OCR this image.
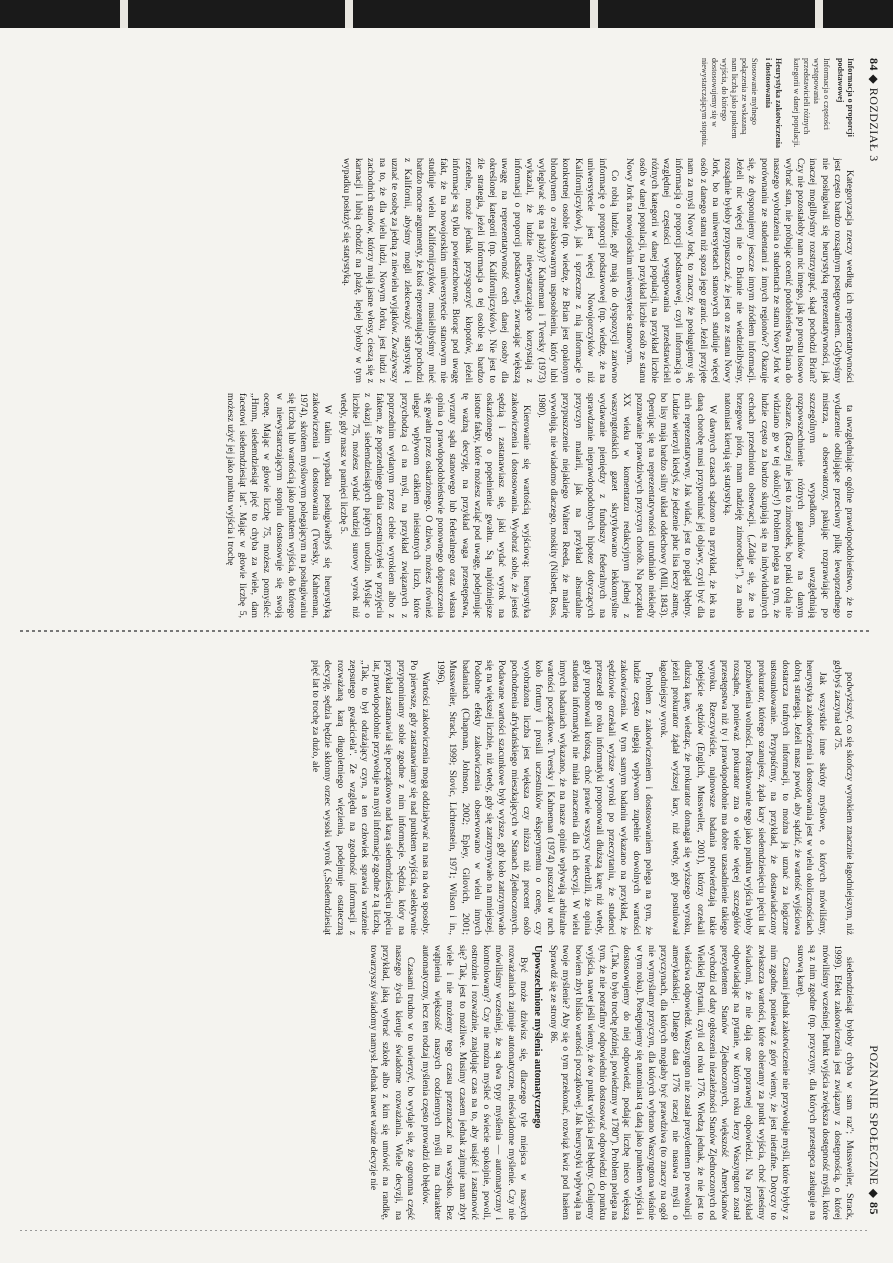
84 ◆ ROZDZIAŁ 3
Informacja o proporcji podstawowej

Informacja o częstości występowania przedstawicieli różnych kategorii w danej populacji.

Heurystyka zakotwiczenia i dostosowania

Stosowanie mylnego połączenia ze wskazaną nam liczbą jako punktem wyjścia, do którego dostosowujemy się w niewystarczającym stopniu.

Kategoryzacja rzeczy według ich reprezentatywności jest często bardzo rozsądnym postępowaniem. Gdybyśmy nie posługiwali się heurystyką reprezentatywności, jak inaczej moglibyśmy rozstrzygnąć, skąd pochodzi Brian? Czy nie pozostałoby nam nic innego, jak po prostu losowo wybrać stan, nie próbując ocenić podobieństwa Briana do naszego wyobrażenia o studentach ze stanu Nowy Jork w porównaniu ze studentami z innych regionów? Okazuje się, że dysponujemy jeszcze innym źródłem informacji. Jeżeli nic więcej nie o Brianie nie wiedzielibyśmy, rozsądnie byłoby przypuszczać, że jest on ze stanu Nowy Jork, bo na uniwersytetach stanowych studiuje więcej osób z danego stanu niż spoza jego granic. Jeżeli przyjęte nam za myśl Nowy Jork, to znaczy, że posługujemy się informacją o proporcji podstawowej, czyli informacją o względnej częstości występowania przedstawicieli różnych kategorii w danej populacji, na przykład liczbie osób w danej populacji, na przykład liczbie osób ze stanu Nowy Jork na nowojorskim uniwersytecie stanowym.

Co robią ludzie, gdy mają do dyspozycji zarówno informację o proporcji podstawowej (np. wiedzę, że na uniwersytecie jest więcej Nowojorczyków niż Kalifornijczyków), jak i sprzeczne z nią informacje o konkretnej osobie (np. wiedzę, że Brian jest opalonym blondynem o zrelaksowanym usposobieniu, który lubi wylegiwać się na plaży)? Kahneman i Tversky (1973) wykazali, że ludzie niewystarczająco korzystają z informacji o proporcji podstawowej, zwracając większą uwagę na reprezentatywność cech danej osoby dla określonej kategorii (np. Kalifornijczyków). Nie jest to źle strategia, jeżeli informacja o tej osobie są bardzo rzetelne, może jednak przysporzyć kłopotów, jeżeli informacje są tylko powierzchowne. Biorąc pod uwagę fakt, że na nowojorskim uniwersytecie stanowym nie studiuje wielu Kalifornijczyków, musielibyśmy mieć bardzo mocne argumenty, że ktoś reprezentujący pochodzi z Kalifornii, abyśmy mogli zlekceważyć statystykę i uznać te osobę za jedną z niewielu wyjątków. Zważywszy na to, że dla wielu ludzi, Nowym Jorku, jest ludzi z zachodnich stanów, którzy mają jasne włosy, cieszą się z karnacji i lubią chodzić na plażę, lepiej byłoby w tym wypadku posłużyć się statystyką.

ta uwzględniając ogólne prawdopodobieństwo, że to wydarzenie odbijające przeciwny pilkę lewoprzednego mistrza, a obserwatorzy, pakując rozprawiając po szczególnym wypadkom, uwzględniają rozpowszechnienie różnych gatunków na danym obszarze. (Raczej nie jest to zimorodek, bo ptaki dolą nie widziano go w tej okolicy!) Problem polega na tym, że ludzie często za bardzo skupiają się na indywidualnych cechach przedmiotu obserwacji. (,,Zdaje się, że na brzegowe pióra, mam nadzieję zimorodka!''), za mało natomiast kierują się statystyką.

W dawnych czasach sądzono na przykład, że lek na daną chorobę musi przypominać jej objawy, czyli być dla nich reprezentatywny. Jak widać, jest to pogląd błędny. Ludzie wierzyli kiedyś, że jedzenie płuc lisa leczy astmę, bo lisy mają bardzo silny układ oddechowy (Mill, 1843). Operując się na reprezentatywności utrudniało niekiedy poznawanie prawdziwych przyczyn chorób. Na początku XX wieku w komentarzu redakcyjnym jednej z waszyngtońskich gazet skrytykowano lekkomyślne wydawanie pieniędzy z funduszy federalnych na sprawdzanie nieprawdopodobnych hipotez dotyczących przyczyn malarii, jak na przykład absurdalne przypuszczenie niejakiego Waltera Reeda, że malarię wywołują, nie wiadomo dlaczego, moskity (Nisbett, Ross, 1980).

Kierowanie się wartością wyjściową: heurystyka zakotwiczenia i dostosowania. Wyobraź sobie, że jesteś sędzią i zastanawiasz się, jaki wydać wyrok na oskarżonego o popełnienie gwałtu. Są najróżniejsze istotne fakty, które możesz wziąć pod uwagę, podejmując tę ważną decyzję, na przykład waga przestępstwa, wyrzuty sądu stanowego lub federalnego oraz własna opinia o prawdopodobieństwie ponownego dopuszczenia się gwałtu przez oskarżonego. O dziwo, możesz również ulegać wpływom całkiem nieistotnych liczb, które przychodzą ci na myśl, na przykład związanych z poprzednim wydanym przez ciebie wyrokiem albo z faktem, że poprzedniego dnia uczestniczyłeś w przyjęciu z okazji siedemdziesiątych piątych urodzin. Myśląc o liczbie 75, możesz wydać bardziej surowy wyrok niż wtedy, gdy masz w pamięci liczbę 5.

W takim wypadku posługiwałbyś się heurystyką zakotwiczenia i dostosowania (Tversky, Kahneman, 1974), skrótem myślowym polegającym na posługiwaniu się liczbą lub wartością jako punktem wyjścia, do którego w niewystarczającym stopniu dostosowuje się swoją ocenę. Mając w głowie liczbę 75, możesz pomyśleć: ,,Hmm, siedemdziesiąt pięć to chyba za wiele, dam facetowi siedemdziesiąt lat''. Mając w głowie liczbę 5, możesz użyć jej jako punktu wyjścia i trochę

POZNANIE SPOŁECZNE ◆ 85

podwyższyć, co się skończy wyrokiem znacznie łagodniejszym, niż gdybyś zaczynał od 75.

Jak wszystkie inne skróty myślowe, o których mówiliśmy, heurystyka zakotwiczenia i dostosowania jest w wielu okolicznościach dobrą strategią. Jeżeli masz powód, aby sądzić, że wartość wyjściowa dostarcza trafnych informacji, to można ją uznać za logiczne ustosunkowanie. Przypuśćmy, na przykład, że dostawiadczony prokurator, którego szanujesz, żąda kary siedemdziesięciu pięciu lat pozbawienia wolności. Potraktowanie tego jako punktu wyjścia byłoby rozsądne, ponieważ prokurator zna o wiele więcej szczegółów przestępstwa niż ty i prawdopodobnie ma dobre uzasadnienie takiego wyroku. Rzeczywiście, najnowsze badania potwierdzają takie podejście sędziów (Englich, Mussweiler, 2001), którzy orzekali dłuższą karę, wiedząc, że prokurator domagał się wyższego wyroku, jeżeli prokurator żądał wyższej kary, niż wtedy, gdy postulował łagodniejszy wyrok.

Problem z zakotwiczeniem i dostosowaniem polega na tym, że ludzie często ulegają wpływom zupełnie dowolnych wartości zakotwiczenia. W tym samym badaniu wykazano na przykład, że sędziowie orzekali wyższe wyroki po przeczytaniu, że studenci przeszedł go roku informatyki proponowali dłuższą karę niż wtedy, gdy proponowali krótszą, choć prawie wszyscy twierdzili, że opinia studenta informatyki nie miała znaczenia dla ich decyzji. W wielu innych badaniach wykazano, że na nasze opinie wpływają arbitralne wartości początkowe. Tversky i Kahneman (1974) puszczali w ruch koło fortuny i prosili uczestników eksperymentu o ocenę, czy wyobrażona liczba jest większa czy niższa niż procent osób pochodzenia afrykańskiego mieszkających w Stanach Zjednoczonych. Podawane wartości szacunkowe były wyższe, gdy koło zatrzymywało się na większej liczbie, niż wtedy, gdy się zatrzymywało na mniejszej. Podobne efekty zakotwiczenia obserwowano w wielu innych badaniach (Chapman, Johnson, 2002; Epley, Gilovich, 2001; Mussweiler, Strack, 1999; Slovic, Lichtenstein, 1971; Wilson i in., 1996).

Wartości zakotwiczenia mogą oddziaływać na nas na dwa sposoby. Po pierwsze, gdy zastanawiamy się nad punktem wyjścia, selektywnie przypominamy sobie zgodne z nim informacje. Sędzia, który na przykład zastanawiał się początkowo nad karą siedemdziesięciu pięciu lat, prawdopodobnie przywołuje na myśl informacje zgodne z tą liczbą, ,,Tak, to był odrażający czyn, a ten człowiek sprawia wrażenie zepsutego gwałciciela''. Ze względu na zgodność informacji z rozważaną karą długoletniego więzienia, podejmuje ostateczną decyzję, sędzia będzie skłonny orzec wysoki wyrok (,,Siedemdziesiąt pięć lat to trochę za dużo, ale

siedemdziesiąt byłoby chyba w sam raz''; Mussweiler, Strack, 1999). Efekt zakotwiczenia jest związany z dostępnością, o której mówiliśmy wcześniej. Punkt wyjścia zwiększa dostępność myśli, które są z nim zgodne (np. przyczyny, dla których przestępca zasługuje na surową karę).

Czasami jednak zakotwiczenie nie przywołuje myśli, które byłyby z nim zgodne, ponieważ z góry wiemy, że jest nietrafne. Dotyczy to zwłaszcza wartości, które obieramy za punkt wyjścia, choć jesteśmy świadomi, że nie dają one poprawnej odpowiedzi. Na przykład odpowiadając na pytanie, w którym roku Jerzy Waszyngton został prezydentem Stanów Zjednoczonych, większość Amerykanów wychodzi od daty ogłoszenia niezależności Stanów Zjednoczonych od Wielkiej Brytanii, czyli od roku 1776. Wiedzą jednak, że nie jest to właściwa odpowiedź. Waszyngton nie został prezydentem po rewolucji amerykańskiej. Dlatego data 1776 raczej nie nasuwa myśli o przyczynach, dla których mogłaby być prawdziwa (to znaczy na ogół nie wymyślamy przyczyn, dla których wybrano Waszyngtona właśnie w tym roku). Postępujemy się natomiast tą datą jako punktem wyjścia i dostosowujemy do niej odpowiedź, podając liczbę nieco większą (,,Tak, to było trochę później, powiedzmy w 1780''). Problem polega na tym, że nie potrafimy odpowiednio dostosować odpowiedzi do punktu wyjścia, nawet jeśli wiemy, że ów punkt wyjścia jest błędny. Celujemy bowiem zbyt blisko wartości początkowej. Jak heurystyki wpływają na twoje myślenie? Aby się o tym przekonać, rozwiąż kwiz pod hasłem Sprawdź się ze strony 86.

Upowszechnione myślenia automatycznego

Być może dziwisz się, dlaczego tyle miejsca w naszych rozważaniach zajmuje automatyczne, nieświadome myślenie. Czy nie mówiliśmy wcześniej, że są dwa typy myślenia — automatyczny i kontrolowany? Czy nie można myśleć o świecie spokojnie, powoli, ostrożnie i rozważnie, znajdując czas na to, aby usiąść i zastanowić się? Tak, jest to możliwe. Musimy czasem jednak zajmuje nam zbyt wiele i nie możemy tego czasu przeznaczać na wszystko. Bez wątpienia większość naszych codziennych myśli ma charakter automatyczny, lecz ten rodzaj myślenia często prowadzi do błędów.

Czasami trudno w to uwierzyć, bo wydaje się, że ogromna część naszego życia kieruje świadome rozważania. Wiele decyzji, na przykład, jaką wybrać szkołę albo z kim się umówić na randkę, towarzyszy świadomy namysł. Jednak nawet ważne decyzje nie
